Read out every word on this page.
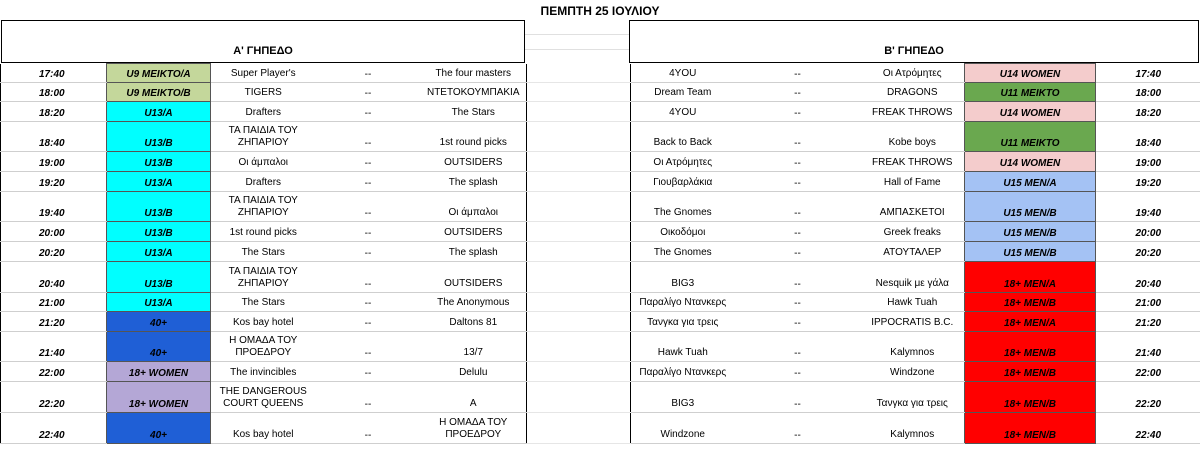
ΠΕΜΠΤΗ 25 ΙΟΥΛΙΟΥ
Α' ΓΗΠΕΔΟ	Β' ΓΗΠΕΔΟ
17:40	U9 ΜΕΙΚΤΟ/A	Super Player's	--	The four masters		4YOU	--	Οι Ατρόμητες	U14 WOMEN	17:40	
18:00	U9 ΜΕΙΚΤΟ/B	TIGERS	--	ΝΤΕΤΟΚΟΥΜΠΑΚΙΑ		Dream Team	--	DRAGONS	U11 ΜΕΙΚΤΟ	18:00	
18:20	U13/A	Drafters	--	The Stars		4YOU	--	FREAK THROWS	U14 WOMEN	18:20	
18:40	U13/B	ΤΑ ΠΑΙΔΙΑ ΤΟΥ ΖΗΠΑΡΙΟΥ	--	1st round picks		Back to Back	--	Kobe boys	U11 ΜΕΙΚΤΟ	18:40	
19:00	U13/B	Οι άμπαλοι	--	OUTSIDERS		Οι Ατρόμητες	--	FREAK THROWS	U14 WOMEN	19:00	
19:20	U13/A	Drafters	--	The splash		Γιουβαρλάκια	--	Hall of Fame	U15 MEN/A	19:20	
19:40	U13/B	ΤΑ ΠΑΙΔΙΑ ΤΟΥ ΖΗΠΑΡΙΟΥ	--	Οι άμπαλοι		The Gnomes	--	ΑΜΠΑΣΚΕΤΟΙ	U15 MEN/B	19:40	
20:00	U13/B	1st round picks	--	OUTSIDERS		Οικοδόμοι	--	Greek freaks	U15 MEN/B	20:00	
20:20	U13/A	The Stars	--	The splash		The Gnomes	--	ΑΤΟΥΤΑΛΕΡ	U15 MEN/B	20:20	
20:40	U13/B	ΤΑ ΠΑΙΔΙΑ ΤΟΥ ΖΗΠΑΡΙΟΥ	--	OUTSIDERS		BIG3	--	Nesquik με γάλα	18+ MEN/A	20:40	
21:00	U13/A	The Stars	--	The Anonymous		Παραλίγο Ντανκερς	--	Hawk Tuah	18+ MEN/B	21:00	
21:20	40+	Kos bay hotel	--	Daltons 81		Τανγκα για τρεις	--	IPPOCRATIS B.C.	18+ MEN/A	21:20	
21:40	40+	Η ΟΜΑΔΑ ΤΟΥ ΠΡΟΕΔΡΟΥ	--	13/7		Hawk Tuah	--	Kalymnos	18+ MEN/B	21:40	
22:00	18+ WOMEN	The invincibles	--	Delulu		Παραλίγο Ντανκερς	--	Windzone	18+ MEN/B	22:00	
22:20	18+ WOMEN	THE DANGEROUS COURT QUEENS	--	A		BIG3	--	Τανγκα για τρεις	18+ MEN/B	22:20	
22:40	40+	Kos bay hotel	--	Η ΟΜΑΔΑ ΤΟΥ ΠΡΟΕΔΡΟΥ		Windzone	--	Kalymnos	18+ MEN/B	22:40	
